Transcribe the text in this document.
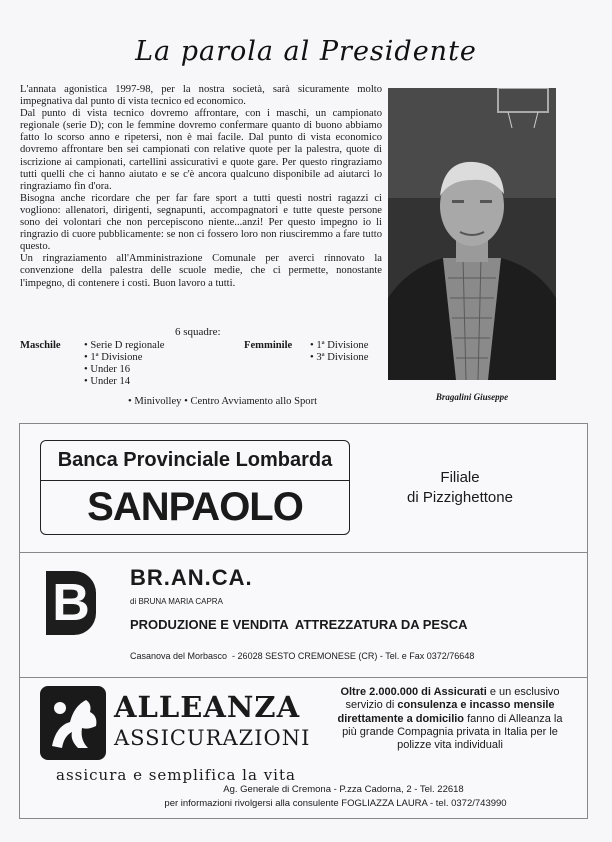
La parola al Presidente

L'annata agonistica 1997-98, per la nostra società, sarà sicuramente molto impegnativa dal punto di vista tecnico ed economico.

Dal punto di vista tecnico dovremo affrontare, con i maschi, un campionato regionale (serie D); con le femmine dovremo confermare quanto di buono abbiamo fatto lo scorso anno e ripetersi, non è mai facile. Dal punto di vista economico dovremo affrontare ben sei campionati con relative quote per la palestra, quote di iscrizione ai campionati, cartellini assicurativi e quote gare. Per questo ringraziamo tutti quelli che ci hanno aiutato e se c'è ancora qualcuno disponibile ad aiutarci lo ringraziamo fin d'ora.

Bisogna anche ricordare che per far fare sport a tutti questi nostri ragazzi ci vogliono: allenatori, dirigenti, segnapunti, accompagnatori e tutte queste persone sono dei volontari che non percepiscono niente...anzi! Per questo impegno io li ringrazio di cuore pubblicamente: se non ci fossero loro non riusciremmo a fare tutto questo.

Un ringraziamento all'Amministrazione Comunale per averci rinnovato la convenzione della palestra delle scuole medie, che ci permette, nonostante l'impegno, di contenere i costi. Buon lavoro a tutti.

6 squadre:
Maschile • Serie D regionale
• 1ª Divisione
• Under 16
• Under 14
Femminile • 1ª Divisione
• 3ª Divisione
• Minivolley • Centro Avviamento allo Sport	Bragalini Giuseppe
Banca Provinciale Lombarda
SANPAOLO
Filiale
di Pizzighettone
B BR.AN.CA.
di BRUNA MARIA CAPRA
PRODUZIONE E VENDITA  ATTREZZATURA DA PESCA
Casanova del Morbasco  - 26028 SESTO CREMONESE (CR) - Tel. e Fax 0372/76648
ALLEANZA
ASSICURAZIONI
assicura e semplifica la vita
Oltre 2.000.000 di Assicurati e un esclusivo servizio di consulenza e incasso mensile direttamente a domicilio fanno di Alleanza la più grande Compagnia privata in Italia per le polizze vita individuali
Ag. Generale di Cremona - P.zza Cadorna, 2 - Tel. 22618
per informazioni rivolgersi alla consulente FOGLIAZZA LAURA - tel. 0372/743990
